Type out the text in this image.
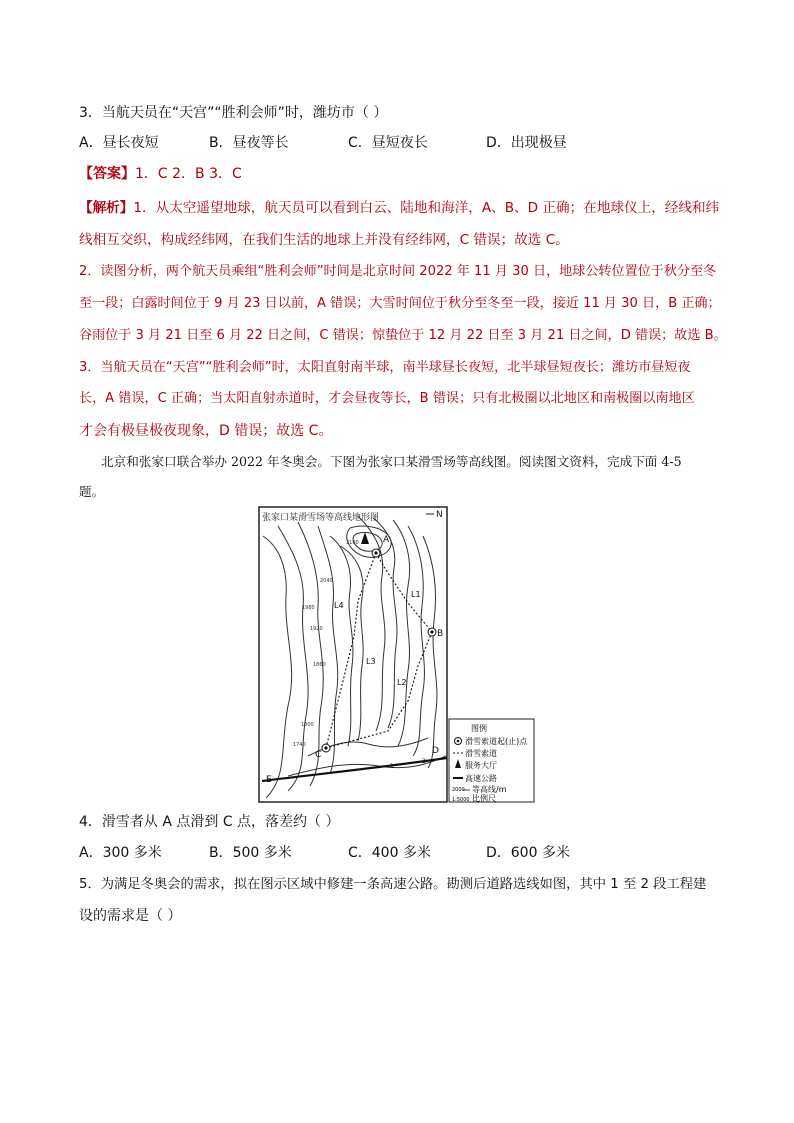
3．当航天员在“天宫”“胜利会师”时，潍坊市（ ）
A．昼长夜短	B．昼夜等长	C．昼短夜长	D．出现极昼
【答案】1．C 2．B 3．C
【解析】1．从太空遥望地球，航天员可以看到白云、陆地和海洋，A、B、D 正确；在地球仪上，经线和纬
线相互交织，构成经纬网，在我们生活的地球上并没有经纬网，C 错误；故选 C。
2．读图分析，两个航天员乘组“胜利会师”时间是北京时间 2022 年 11 月 30 日，地球公转位置位于秋分至冬
至一段；白露时间位于 9 月 23 日以前，A 错误；大雪时间位于秋分至冬至一段，接近 11 月 30 日，B 正确；
谷雨位于 3 月 21 日至 6 月 22 日之间，C 错误；惊蛰位于 12 月 22 日至 3 月 21 日之间，D 错误；故选 B。
3．当航天员在“天宫”“胜利会师”时，太阳直射南半球，南半球昼长夜短，北半球昼短夜长；潍坊市昼短夜
长，A 错误，C 正确；当太阳直射赤道时，才会昼夜等长，B 错误；只有北极圈以北地区和南极圈以南地区
才会有极昼极夜现象，D 错误；故选 C。
北京和张家口联合举办 2022 年冬奥会。下图为张家口某滑雪场等高线图。阅读图文资料，完成下面 4-5
题。
张家口某滑雪场等高线地形图	N
2100
2040
1980
1920
1860
1800
1740
A
B
C	D
E
L1
L2
L3
L4
1
2
图例
滑雪索道起(止)点
滑雪索道
服务大厅
高速公路
2000 等高线/m
1:5000 比例尺
4．滑雪者从 A 点滑到 C 点，落差约（ ）
A．300 多米	B．500 多米	C．400 多米	D．600 多米
5．为满足冬奥会的需求，拟在图示区域中修建一条高速公路。勘测后道路选线如图，其中 1 至 2 段工程建
设的需求是（ ）
